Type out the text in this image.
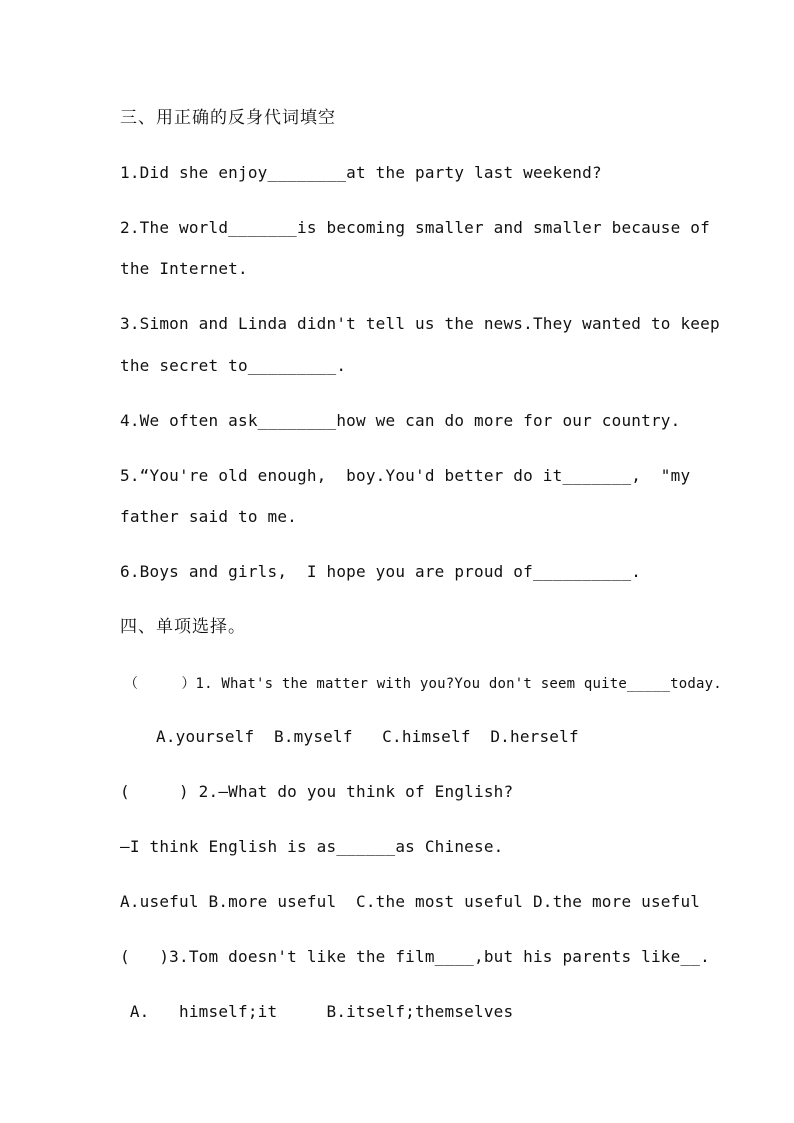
三、用正确的反身代词填空
1.Did she enjoy________at the party last weekend?
2.The world_______is becoming smaller and smaller because of
the Internet.
3.Simon and Linda didn't tell us the news.They wanted to keep
the secret to_________.
4.We often ask________how we can do more for our country.
5.“You're old enough,  boy.You'd better do it_______,  "my
father said to me.
6.Boys and girls,  I hope you are proud of__________.
四、单项选择。
（     ）1. What's the matter with you?You don't seem quite_____today.
A.yourself  B.myself   C.himself  D.herself
(     ) 2.—What do you think of English?
—I think English is as______as Chinese.
A.useful B.more useful  C.the most useful D.the more useful
(   )3.Tom doesn't like the film____,but his parents like__.
A.   himself;it     B.itself;themselves
